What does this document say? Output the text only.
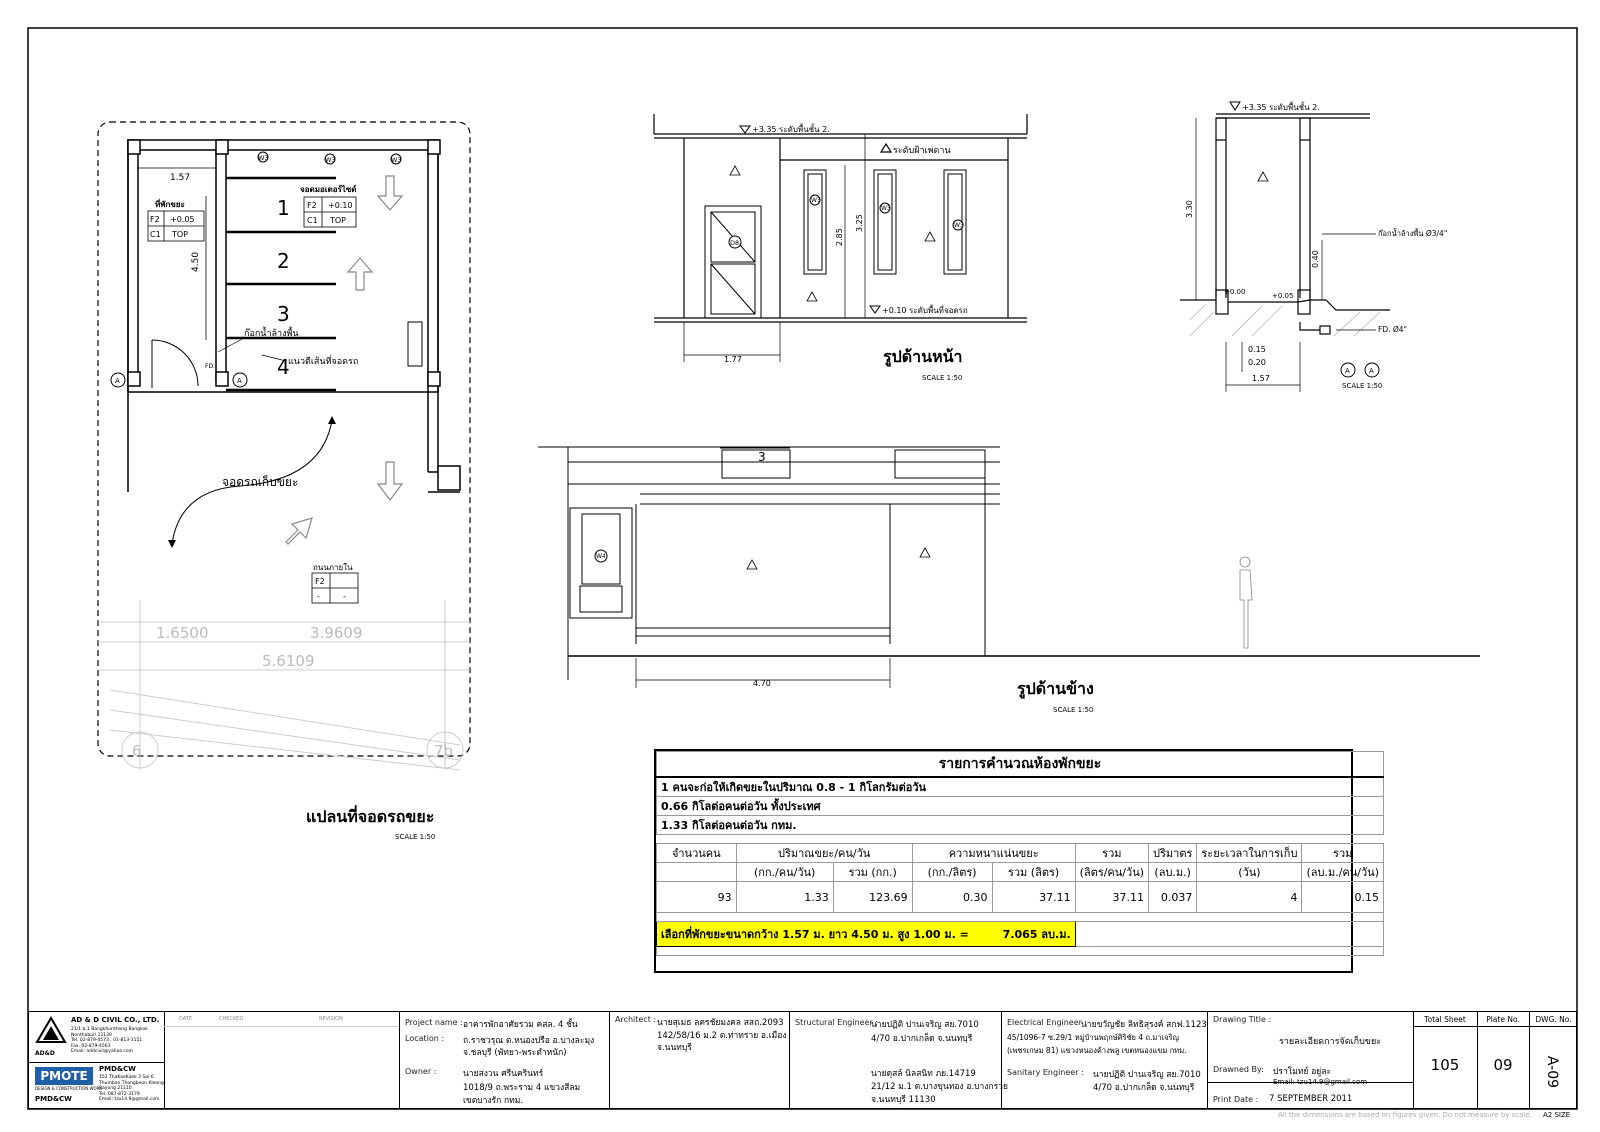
1.57
4.50
W3	W3	W3
ที่พักขยะ
F2 +0.05
C1 TOP
จอดมอเตอร์ไซต์
F2 +0.10
C1 TOP
1
2
3
4
ก๊อกน้ำล้างพื้น
แนวตีเส้นที่จอดรถ
จอดรถเก็บขยะ
FD.
A	A
ถนนภายใน
F2
-	-
1.6500	3.9609
5.6109
6	7b
แปลนที่จอดรถขยะ
SCALE 1:50
D8
W3
W3
W3
+3.35 ระดับพื้นชั้น 2.
ระดับฝ้าเพดาน
+0.10 ระดับพื้นที่จอดรถ
2.85
3.25
1.77	รูปด้านหน้า
SCALE 1:50
+3.35 ระดับพื้นชั้น 2.
3.30
0.40
+0.00	+0.05
ก๊อกน้ำล้างพื้น Ø3/4"
FD. Ø4"
0.15
0.20
1.57
A	A
SCALE 1:50
W4
4.70
3
รูปด้านข้าง
SCALE 1:50
รายการคำนวณห้องพักขยะ								
1 คนจะก่อให้เกิดขยะในปริมาณ 0.8 - 1 กิโลกรัมต่อวัน								
0.66 กิโลต่อคนต่อวัน ทั้งประเทศ								
1.33 กิโลต่อคนต่อวัน กทม.								

จำนวนคน	ปริมาณขยะ/คน/วัน		ความหนาแน่นขยะ		รวม	ปริมาตร	ระยะเวลาในการเก็บ	รวม
	(กก./คน/วัน)	รวม (กก.)	(กก./ลิตร)	รวม (ลิตร)	(ลิตร/คน/วัน)	(ลบ.ม.)	(วัน)	(ลบ.ม./คน/วัน)
93	1.33	123.69	0.30	37.11	37.11	0.037	4	0.15

เลือกที่พักขยะขนาดกว้าง 1.57 ม. ยาว 4.50 ม. สูง 1.00 ม. = 7.065 ลบ.ม.								

AD&D
AD & D CIVIL CO., LTD.
21/1 ม.1 Bangkhunthong Bangkok
Nonthaburi 11130
Tel. 02-879-4573 , 01-813-3151
Fax. 02-879-4563
Email: addcivil@yahoo.com
PMOTE
DESIGN & CONSTRUCTION WORK
PMD&CW
PMD&CW
152 ThaKaeKaek 2 Soi 6
Thumbon Thongbeon Kleong
Rayong 21110
Tel. 087-872-3179
Email: tzu14.9@gmail.com
DATE	CHECKED	REVISION	Project name : อาคารพักอาศัยรวม คสล. 4 ชั้น
Location : ถ.ราชวรุณ ต.หนองปรือ อ.บางละมุง
จ.ชลบุรี (พัทยา-พระตำหนัก)
Owner :	นายสงวน ศรีนครินทร์
1018/9 ถ.พระราม 4 แขวงสีลม
เขตบางรัก กทม.
Architect : นายสุเมธ ลครชัยมงคล สสถ.2093
142/58/16 ม.2 ต.ท่าทราย อ.เมือง
จ.นนทบุรี
Structural Engineer :
นายปฏิติ ปานเจริญ สย.7010
4/70 อ.ปากเกล็ด จ.นนทบุรี
นายดุสล์ นิลสนิท ภย.14719
21/12 ม.1 ต.บางขุนทอง อ.บางกรวย
จ.นนทบุรี 11130
Electrical Engineer :
นายขวัญชัย ลิทธิสุรงค์ สกฟ.1123
45/1096-7 ซ.29/1 หมู่บ้านพฤกษ์ศิริชัย 4 ถ.มาเจริญ
(เพชรเกษม 81) แขวงหนองค้างพลู เขตหนองแขม กทม.
Sanitary Engineer : นายปฏิติ ปานเจริญ สย.7010
4/70 อ.ปากเกล็ด จ.นนทบุรี
Drawing Title :
รายละเอียดการจัดเก็บขยะ
Drawned By: ปราโมทย์ อยู่ละ
Email: tzu14.9@gmail.com
Print Date : 7 SEPTEMBER 2011
Total Sheet
105
Plate No.
09
DWG. No.
A-09
All the dimensions are based on figures given. Do not measure by scale. A2 SIZE
